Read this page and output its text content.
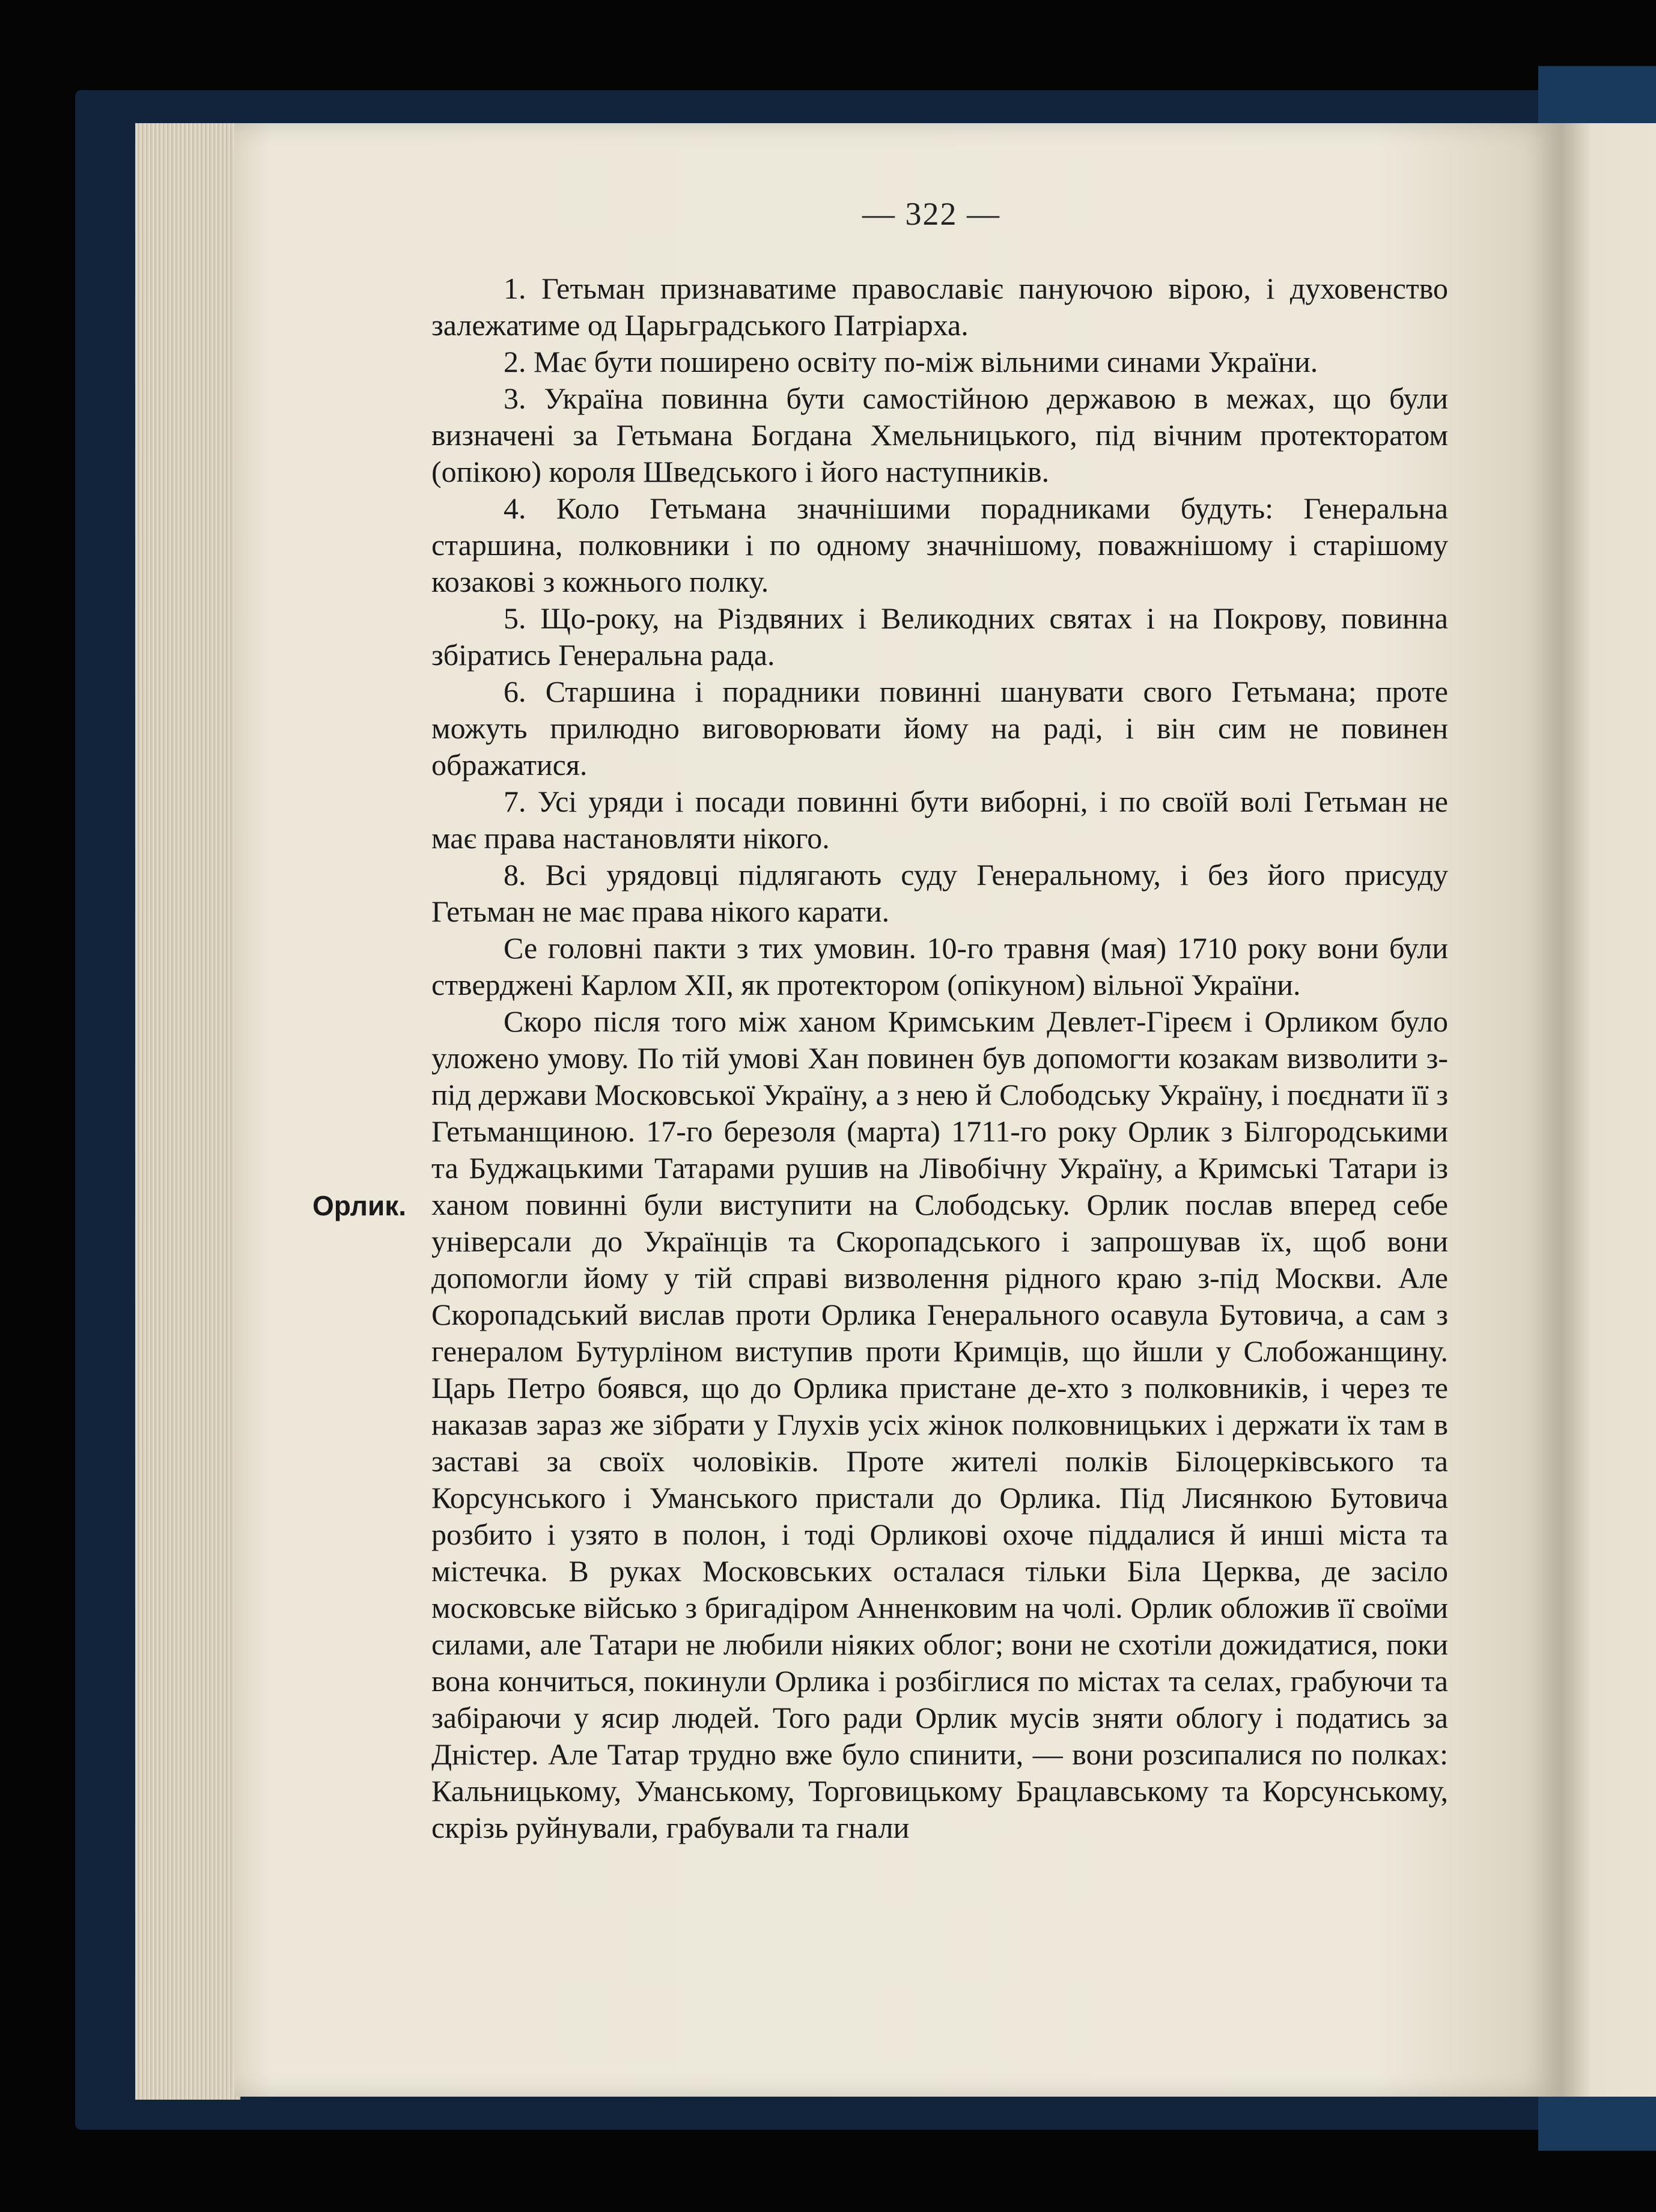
— 322 —

1. Гетьман признаватиме православіє пануючою вірою, і духовенство залежатиме од Царьградського Патріарха.

2. Має бути поширено освіту по-між вільними синами України.

3. Україна повинна бути самостійною державою в межах, що були визначені за Гетьмана Богдана Хмельницького, під вічним протекторатом (опікою) короля Шведського і його наступників.

4. Коло Гетьмана значнішими порадниками будуть: Генеральна старшина, полковники і по одному значнішому, поважнішому і старішому козакові з кожнього полку.

5. Що-року, на Різдвяних і Великодних святах і на Покрову, повинна збіратись Генеральна рада.

6. Старшина і порадники повинні шанувати свого Гетьмана; проте можуть прилюдно виговорювати йому на раді, і він сим не повинен ображатися.

7. Усі уряди і посади повинні бути виборні, і по своїй волі Гетьман не має права настановляти нікого.

8. Всі урядовці підлягають суду Генеральному, і без його присуду Гетьман не має права нікого карати.

Се головні пакти з тих умовин. 10-го травня (мая) 1710 року вони були стверджені Карлом XII, як протектором (опікуном) вільної України.

Скоро після того між ханом Кримським Девлет-Гіреєм і Орликом було уложено умову. По тій умові Хан повинен був допомогти козакам визволити з-під держави Московської Україну, а з нею й Слободську Україну, і поєднати її з Гетьманщиною. 17-го березоля (марта) 1711-го року Орлик з Білгородськими та Буджацькими Татарами рушив на Лівобічну Україну, а Кримські Татари із ханом повинні були виступити на Слободську. Орлик послав вперед себе універсали до Українців та Скоропадського і запрошував їх, щоб вони допомогли йому у тій справі визволення рідного краю з-під Москви. Але Скоропадський вислав проти Орлика Генерального осавула Бутовича, а сам з генералом Бутурліном виступив проти Кримців, що йшли у Слобожанщину. Царь Петро боявся, що до Орлика пристане де-хто з полковників, і через те наказав зараз же зібрати у Глухів усіх жінок полковницьких і держати їх там в заставі за своїх чоловіків. Проте жителі полків Білоцерківського та Корсунського і Уманського пристали до Орлика. Під Лисянкою Бутовича розбито і узято в полон, і тоді Орликові охоче піддалися й инші міста та містечка. В руках Московських осталася тільки Біла Церква, де засіло московське військо з бригадіром Анненковим на чолі. Орлик обложив її своїми силами, але Татари не любили ніяких облог; вони не схотіли дожидатися, поки вона кончиться, покинули Орлика і розбіглися по містах та селах, грабуючи та забіраючи у ясир людей. Того ради Орлик мусів зняти облогу і податись за Дністер. Але Татар трудно вже було спинити, — вони розсипалися по полках: Кальницькому, Уманському, Торговицькому Брацлавському та Корсунському, скрізь руйнували, грабували та гнали

Орлик.
